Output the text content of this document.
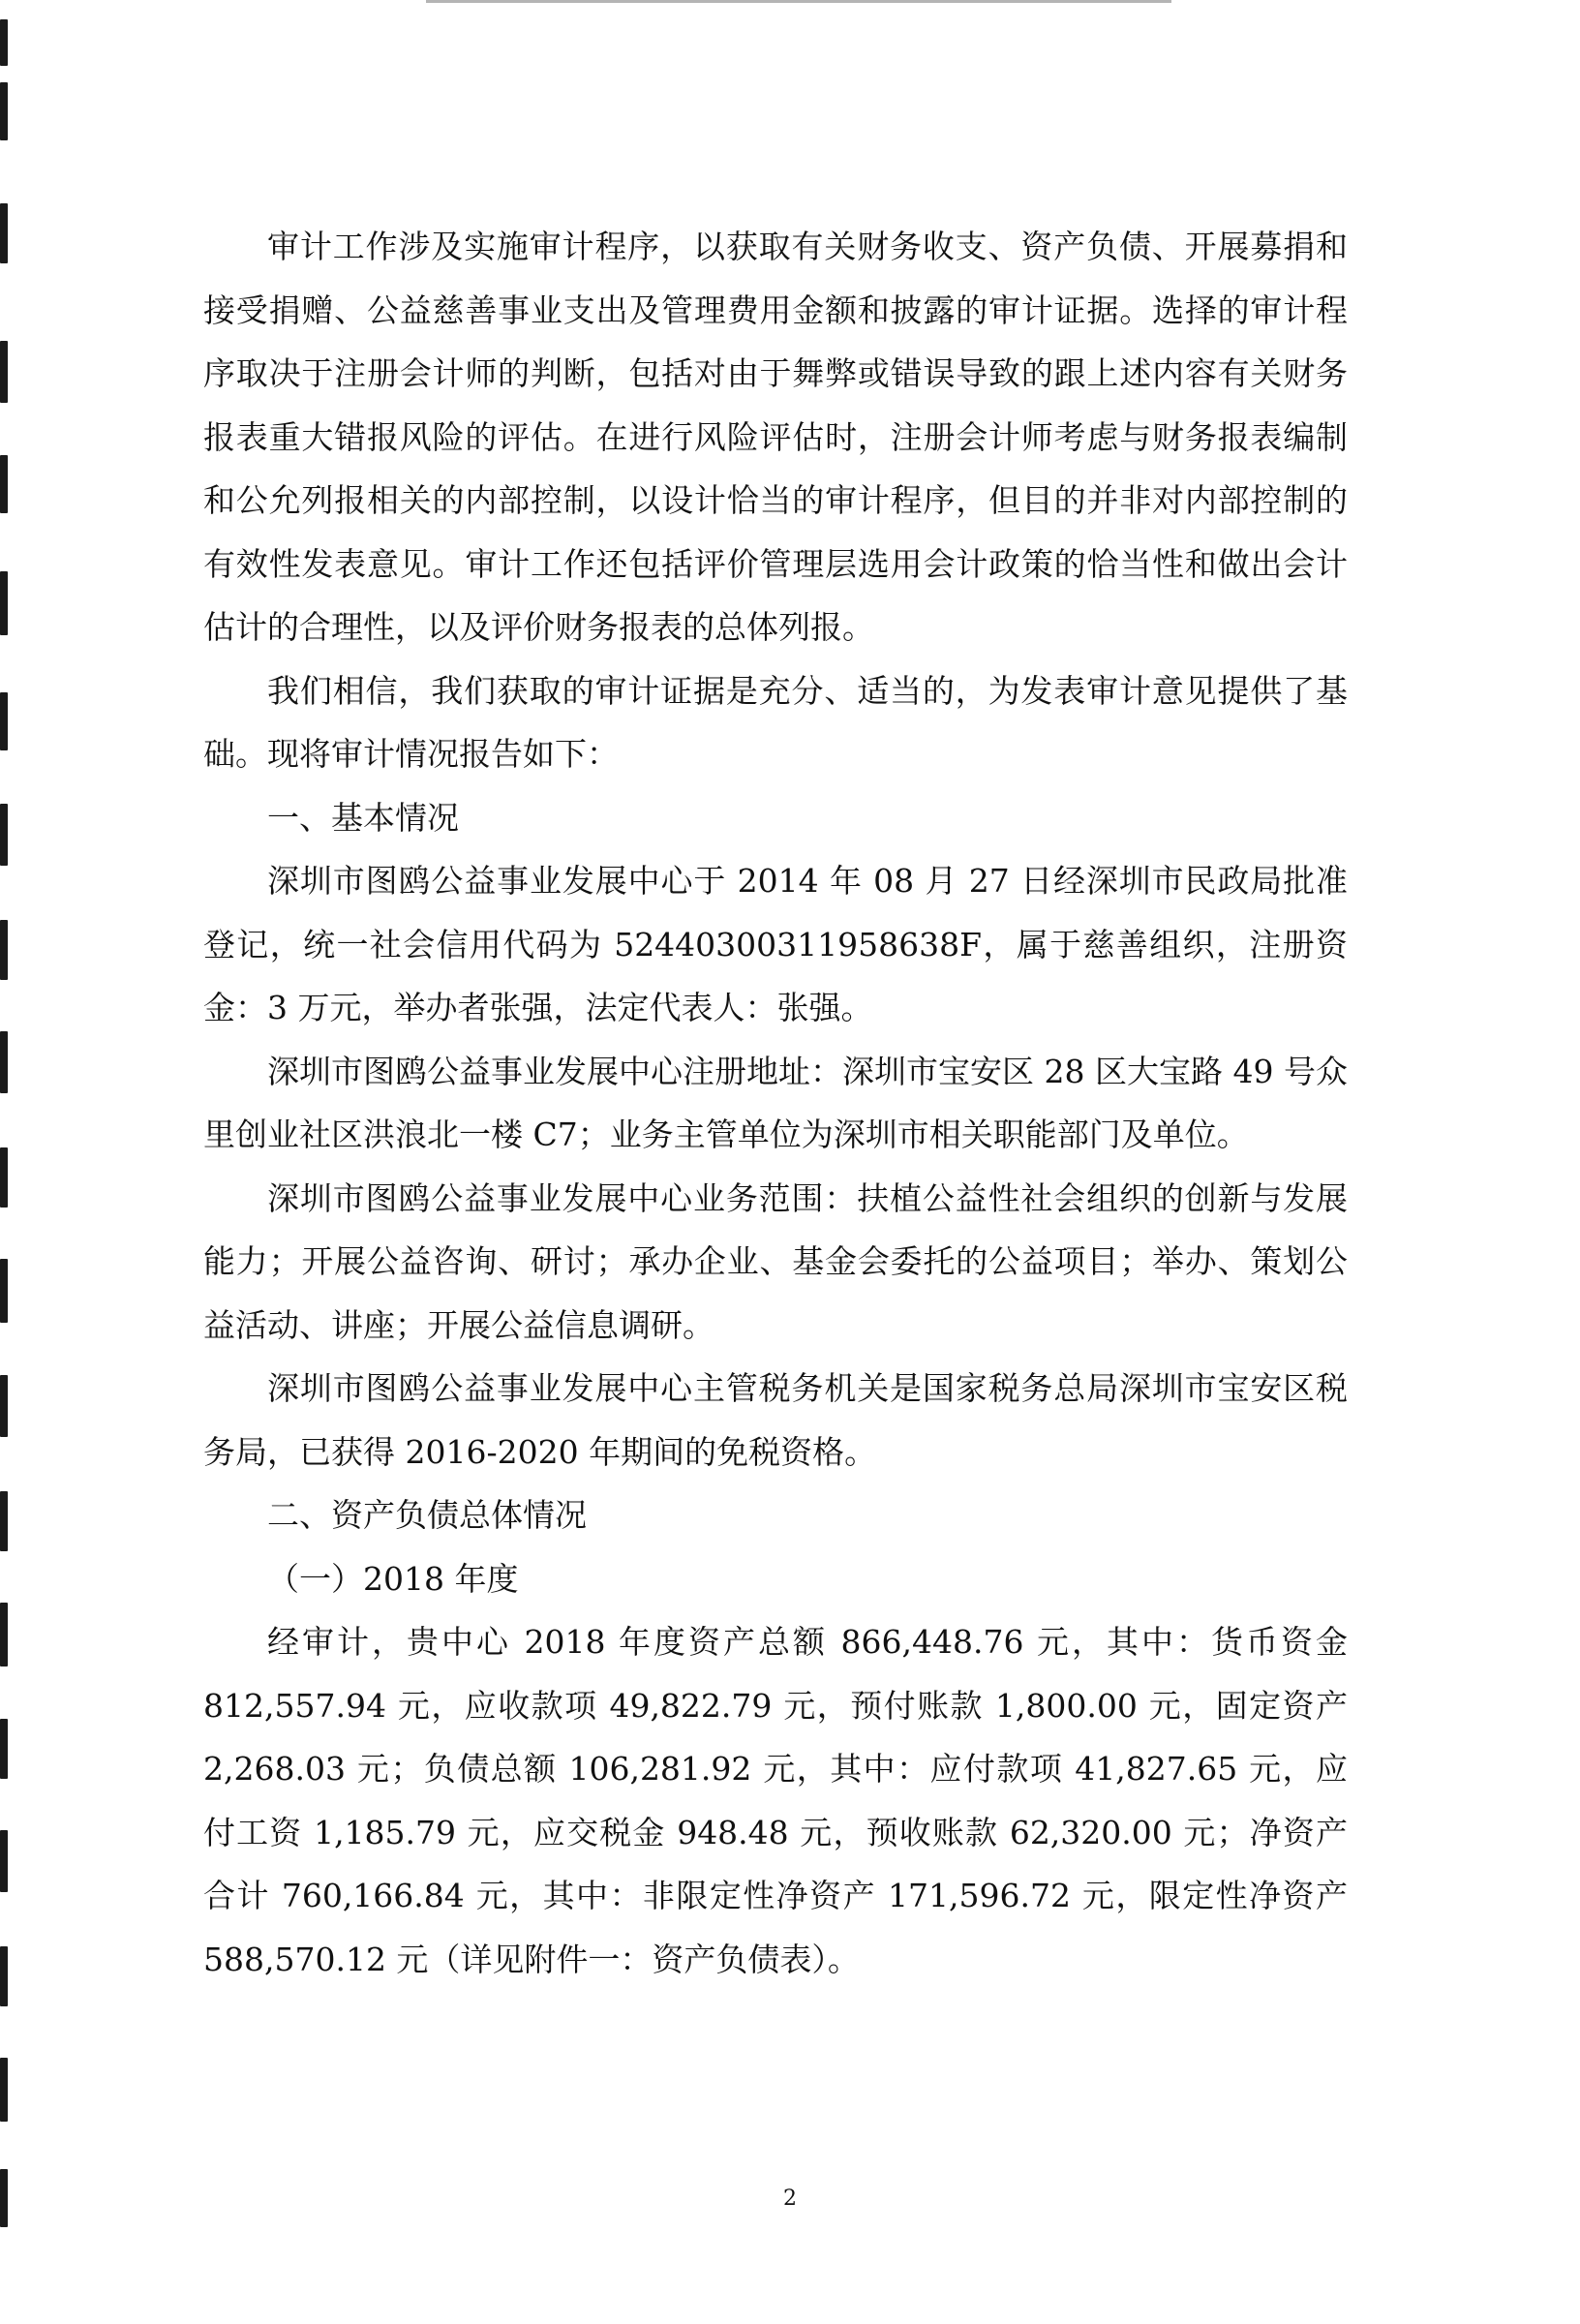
审计工作涉及实施审计程序，以获取有关财务收支、资产负债、开展募捐和接受捐赠、公益慈善事业支出及管理费用金额和披露的审计证据。选择的审计程序取决于注册会计师的判断，包括对由于舞弊或错误导致的跟上述内容有关财务报表重大错报风险的评估。在进行风险评估时，注册会计师考虑与财务报表编制和公允列报相关的内部控制，以设计恰当的审计程序，但目的并非对内部控制的有效性发表意见。审计工作还包括评价管理层选用会计政策的恰当性和做出会计估计的合理性，以及评价财务报表的总体列报。

我们相信，我们获取的审计证据是充分、适当的，为发表审计意见提供了基础。现将审计情况报告如下：

一、基本情况

深圳市图鸥公益事业发展中心于 2014 年 08 月 27 日经深圳市民政局批准登记，统一社会信用代码为 52440300311958638F，属于慈善组织，注册资金：3 万元，举办者张强，法定代表人：张强。

深圳市图鸥公益事业发展中心注册地址：深圳市宝安区 28 区大宝路 49 号众里创业社区洪浪北一楼 C7；业务主管单位为深圳市相关职能部门及单位。

深圳市图鸥公益事业发展中心业务范围：扶植公益性社会组织的创新与发展能力；开展公益咨询、研讨；承办企业、基金会委托的公益项目；举办、策划公益活动、讲座；开展公益信息调研。

深圳市图鸥公益事业发展中心主管税务机关是国家税务总局深圳市宝安区税务局，已获得 2016-2020 年期间的免税资格。

二、资产负债总体情况

（一）2018 年度

经审计，贵中心 2018 年度资产总额 866,448.76 元，其中：货币资金 812,557.94 元，应收款项 49,822.79 元，预付账款 1,800.00 元，固定资产 2,268.03 元；负债总额 106,281.92 元，其中：应付款项 41,827.65 元，应付工资 1,185.79 元，应交税金 948.48 元，预收账款 62,320.00 元；净资产合计 760,166.84 元，其中：非限定性净资产 171,596.72 元，限定性净资产 588,570.12 元（详见附件一：资产负债表）。

2
